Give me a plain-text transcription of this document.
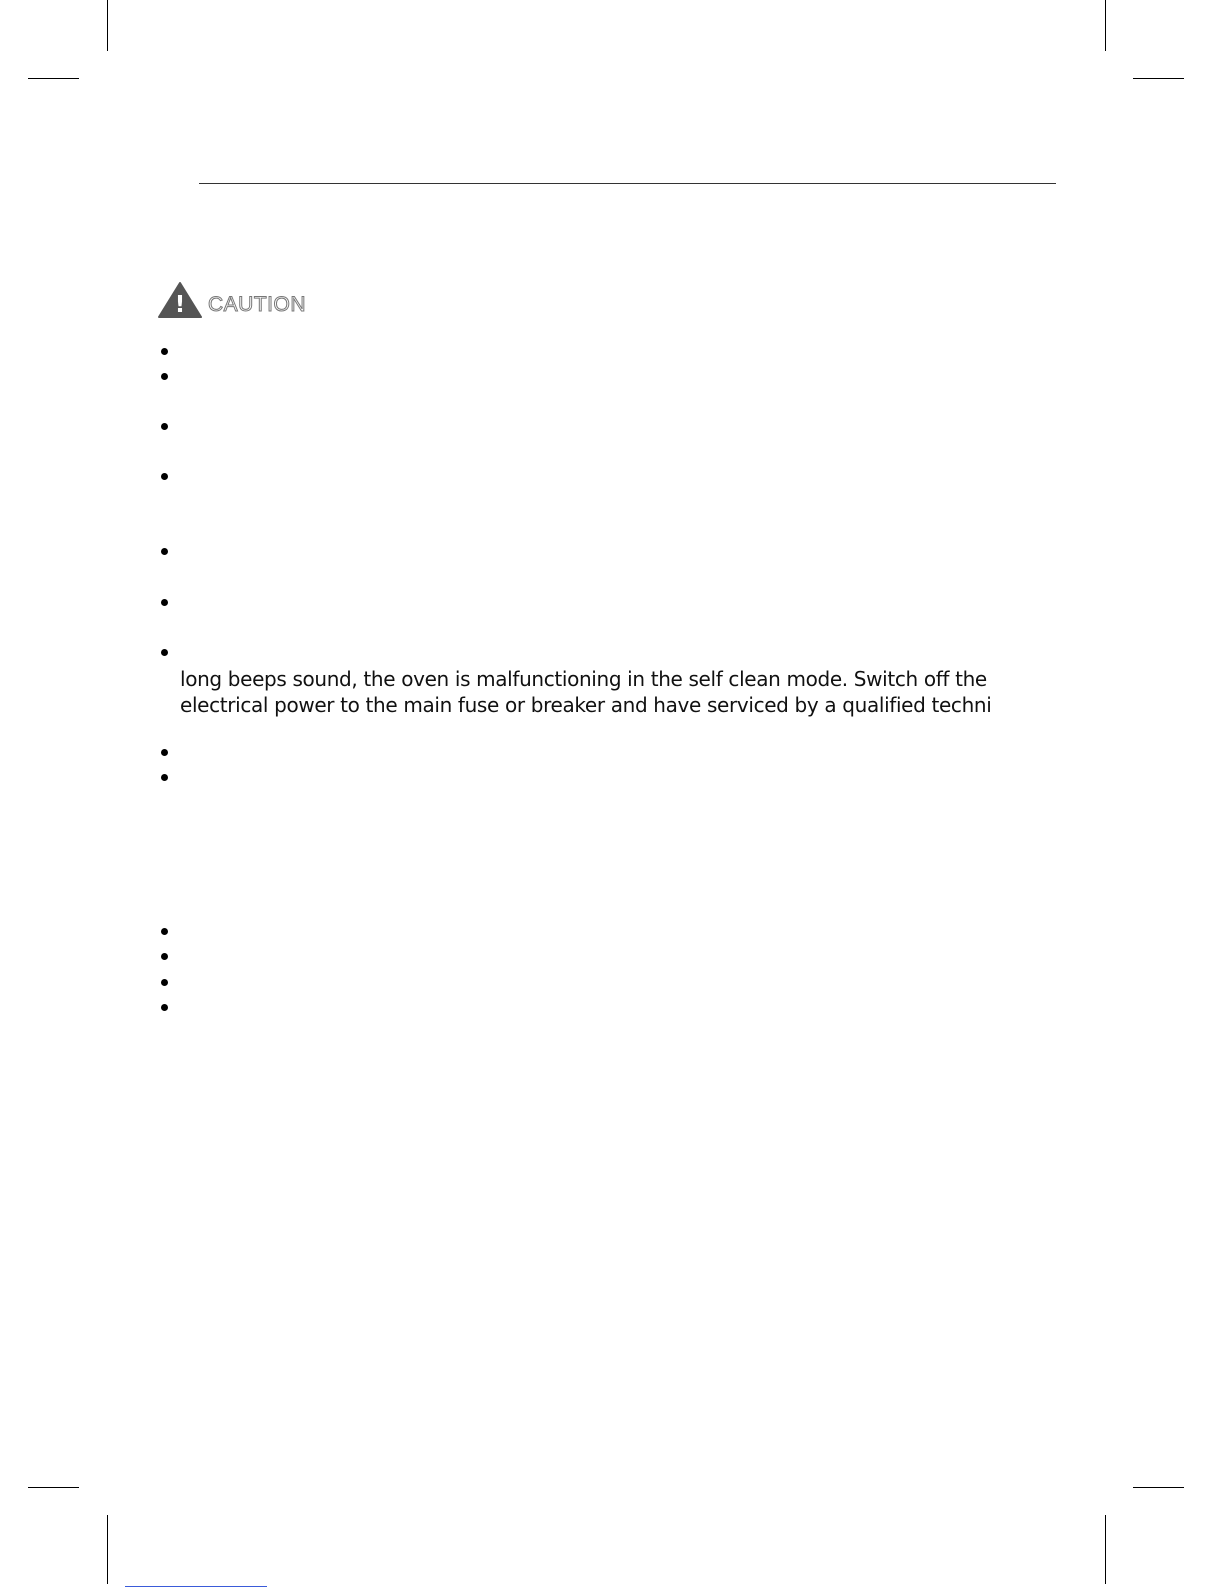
! CAUTION
long beeps sound, the oven is malfunctioning in the self clean mode. Switch off the
electrical power to the main fuse or breaker and have serviced by a qualified techni
